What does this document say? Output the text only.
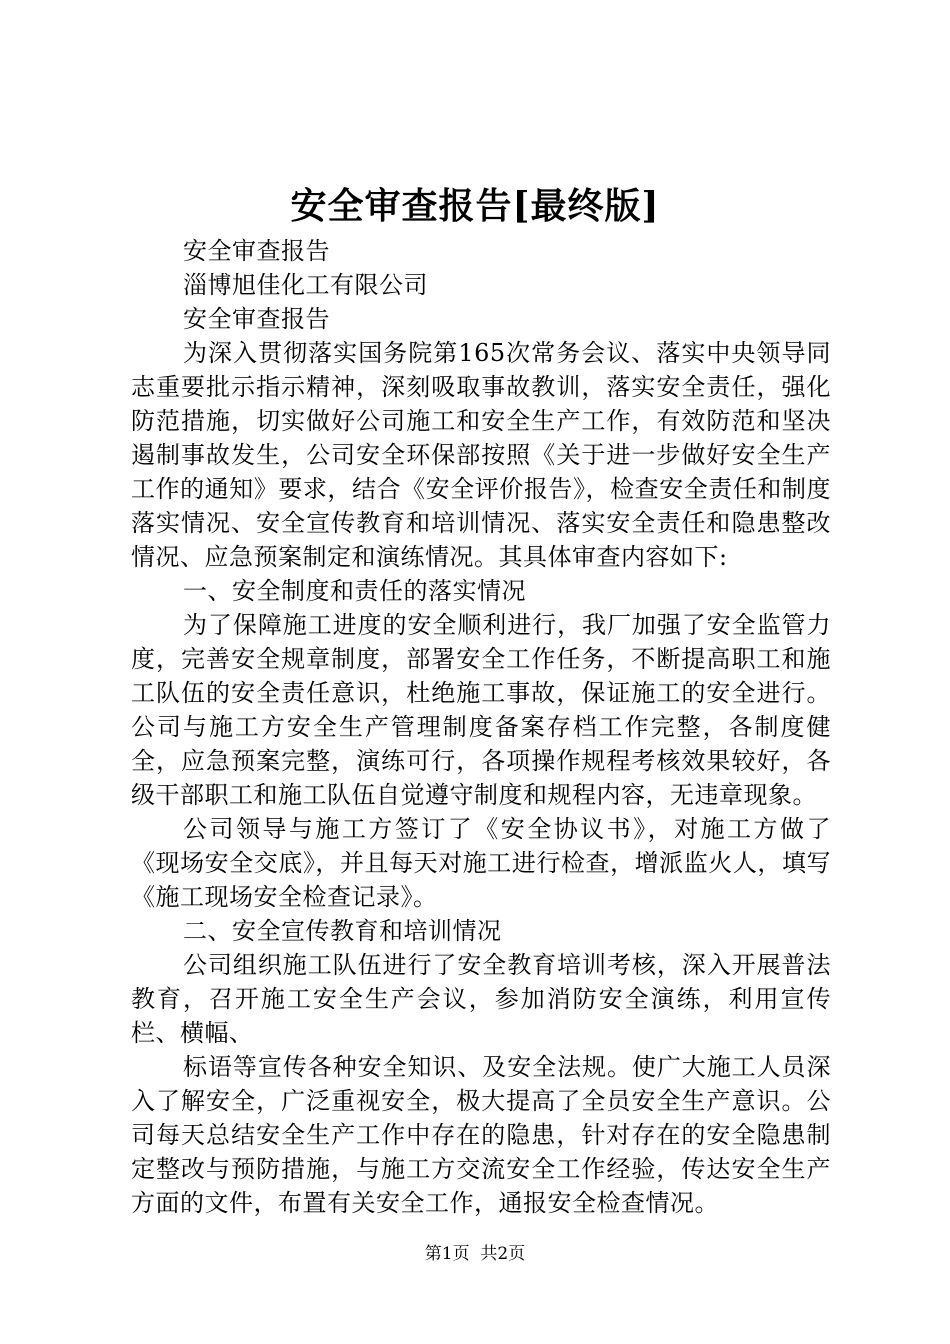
安全审查报告[最终版]

安全审查报告

淄博旭佳化工有限公司

安全审查报告

为深入贯彻落实国务院第165次常务会议、落实中央领导同志重要批示指示精神，深刻吸取事故教训，落实安全责任，强化防范措施，切实做好公司施工和安全生产工作，有效防范和坚决遏制事故发生，公司安全环保部按照《关于进一步做好安全生产工作的通知》要求，结合《安全评价报告》，检查安全责任和制度落实情况、安全宣传教育和培训情况、落实安全责任和隐患整改情况、应急预案制定和演练情况。其具体审查内容如下:

一、安全制度和责任的落实情况

为了保障施工进度的安全顺利进行，我厂加强了安全监管力度，完善安全规章制度，部署安全工作任务，不断提高职工和施工队伍的安全责任意识，杜绝施工事故，保证施工的安全进行。公司与施工方安全生产管理制度备案存档工作完整，各制度健全，应急预案完整，演练可行，各项操作规程考核效果较好，各级干部职工和施工队伍自觉遵守制度和规程内容，无违章现象。

公司领导与施工方签订了《安全协议书》，对施工方做了《现场安全交底》，并且每天对施工进行检查，增派监火人，填写《施工现场安全检查记录》。

二、安全宣传教育和培训情况

公司组织施工队伍进行了安全教育培训考核，深入开展普法教育，召开施工安全生产会议，参加消防安全演练，利用宣传栏、横幅、

标语等宣传各种安全知识、及安全法规。使广大施工人员深入了解安全，广泛重视安全，极大提高了全员安全生产意识。公司每天总结安全生产工作中存在的隐患，针对存在的安全隐患制定整改与预防措施，与施工方交流安全工作经验，传达安全生产方面的文件，布置有关安全工作，通报安全检查情况。

第1页 共2页
